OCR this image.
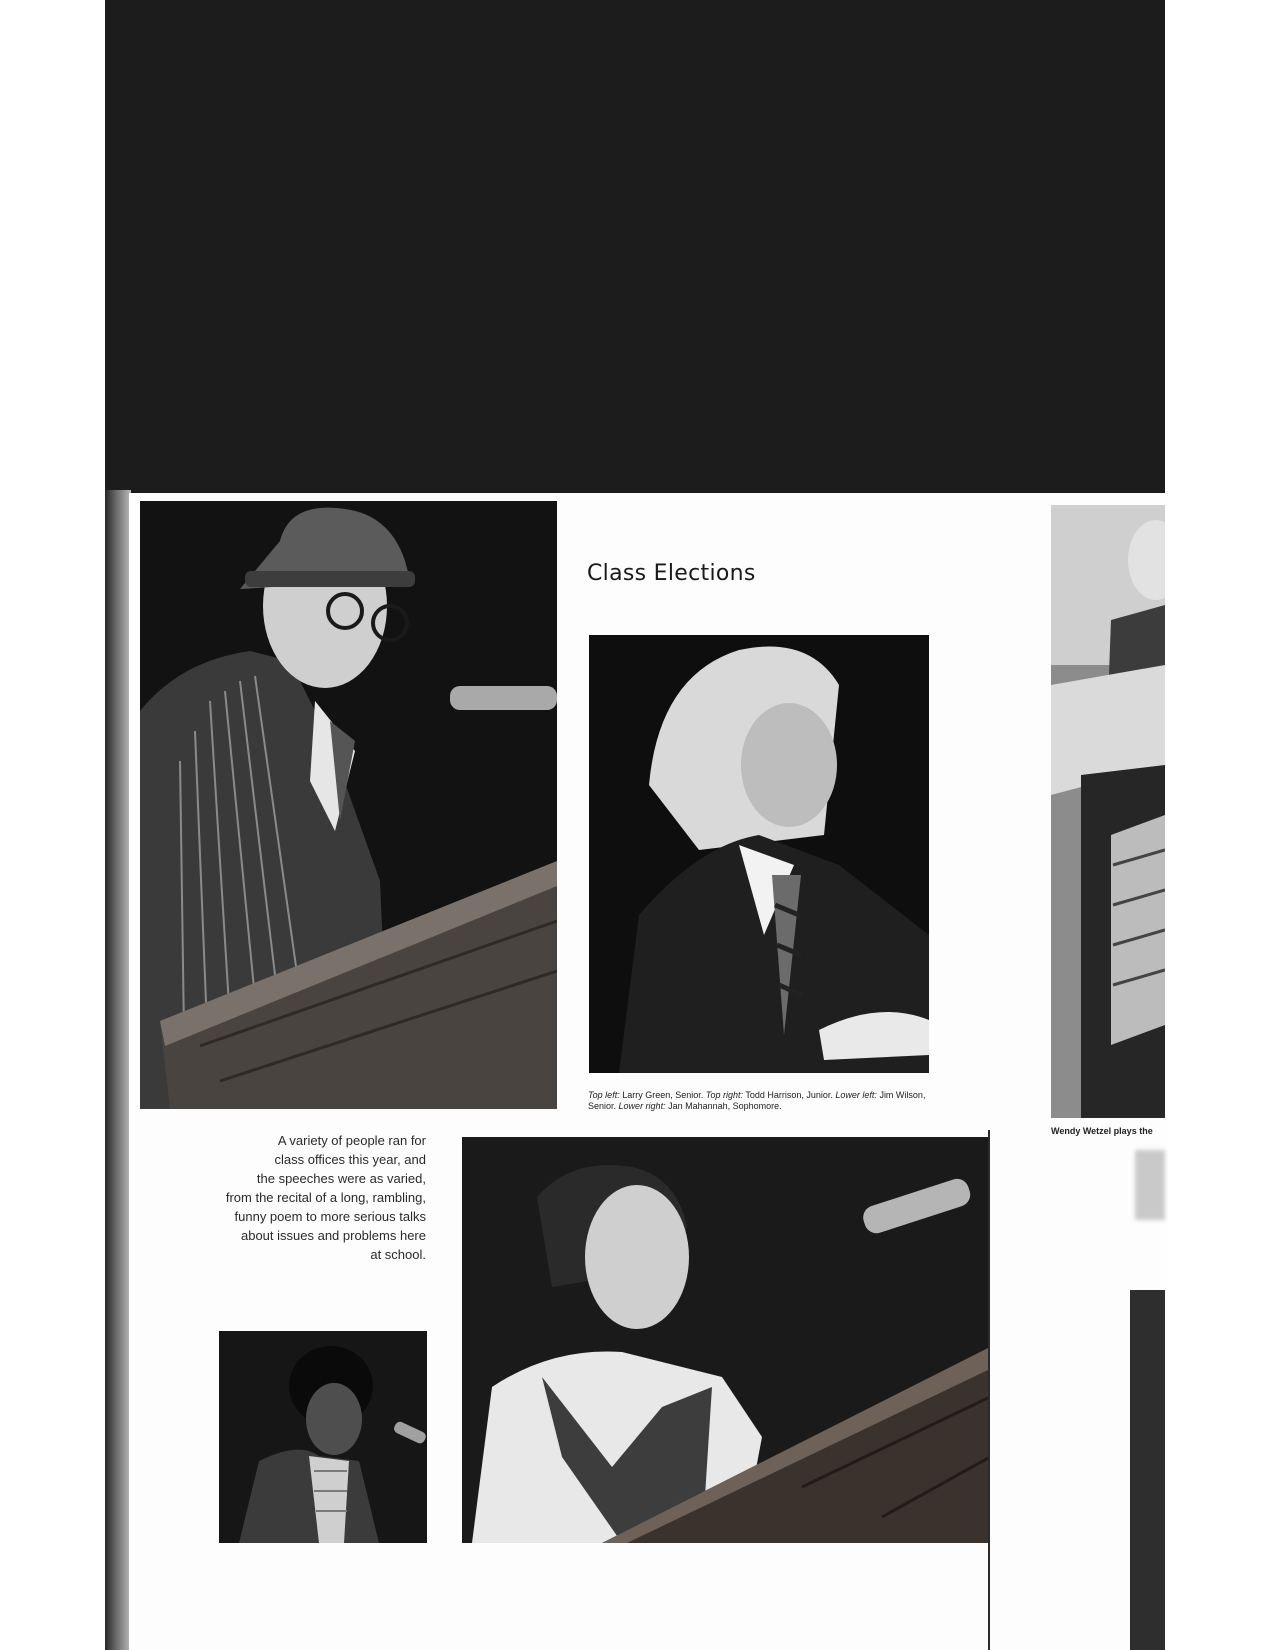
Class Elections
Top left: Larry Green, Senior. Top right: Todd Harrison, Junior. Lower left: Jim Wilson, Senior. Lower right: Jan Mahannah, Sophomore.
Wendy Wetzel plays the
A variety of people ran for
class offices this year, and
the speeches were as varied,
from the recital of a long, rambling,
funny poem to more serious talks
about issues and problems here
at school.
